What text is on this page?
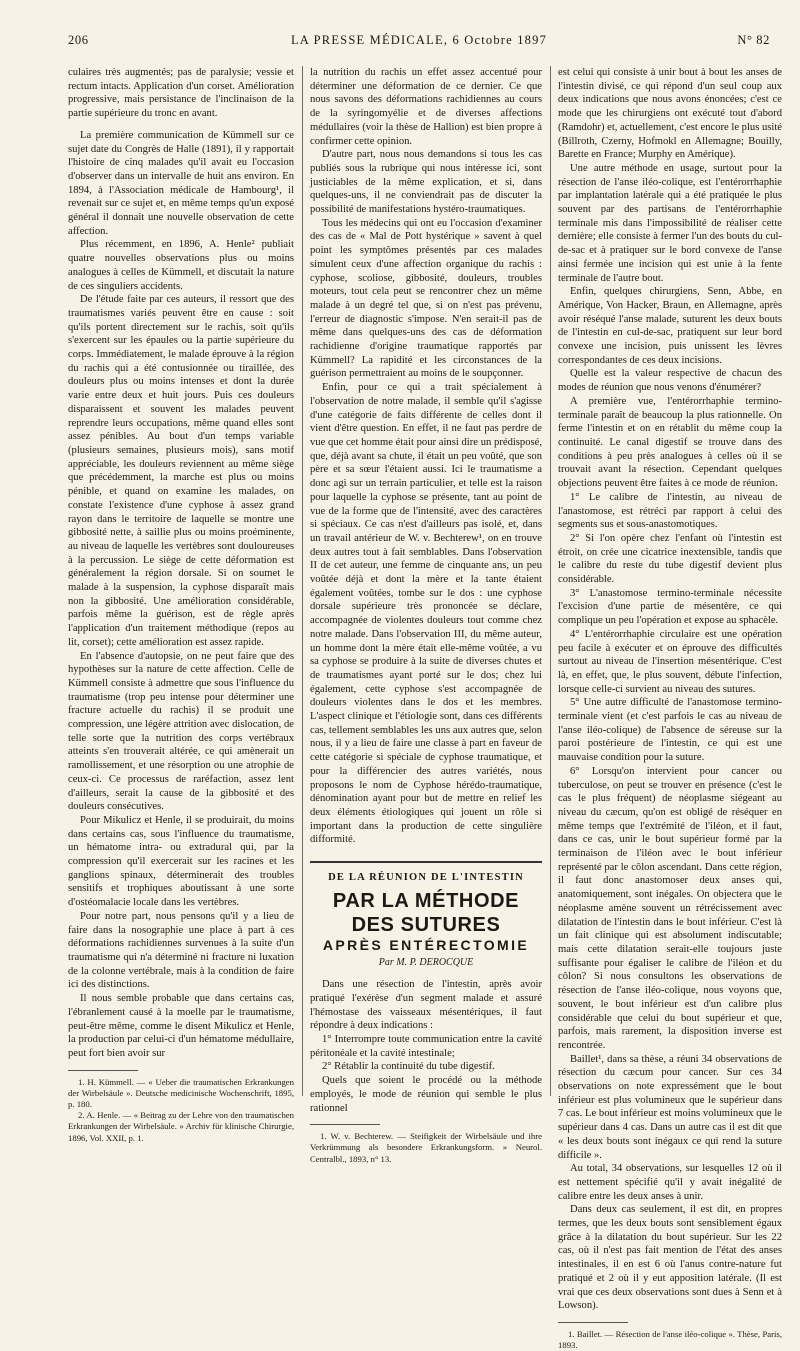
206	LA PRESSE MÉDICALE, 6 Octobre 1897	N° 82

culaires très augmentés; pas de paralysie; vessie et rectum intacts. Application d'un corset. Amélioration progressive, mais persistance de l'inclinaison de la partie supérieure du tronc en avant.

La première communication de Kümmell sur ce sujet date du Congrès de Halle (1891), il y rapportait l'histoire de cinq malades qu'il avait eu l'occasion d'observer dans un intervalle de huit ans environ. En 1894, à l'Association médicale de Hambourg¹, il revenait sur ce sujet et, en même temps qu'un exposé général il donnait une nouvelle observation de cette affection.

Plus récemment, en 1896, A. Henle² publiait quatre nouvelles observations plus ou moins analogues à celles de Kümmell, et discutait la nature de ces singuliers accidents.

De l'étude faite par ces auteurs, il ressort que des traumatismes variés peuvent être en cause : soit qu'ils portent directement sur le rachis, soit qu'ils s'exercent sur les épaules ou la partie supérieure du corps. Immédiatement, le malade éprouve à la région du rachis qui a été contusionnée ou tiraillée, des douleurs plus ou moins intenses et dont la durée varie entre deux et huit jours. Puis ces douleurs disparaissent et souvent les malades peuvent reprendre leurs occupations, même quand elles sont assez pénibles. Au bout d'un temps variable (plusieurs semaines, plusieurs mois), sans motif appréciable, les douleurs reviennent au même siège que précédemment, la marche est plus ou moins pénible, et quand on examine les malades, on constate l'existence d'une cyphose à assez grand rayon dans le territoire de laquelle se montre une gibbosité nette, à saillie plus ou moins proéminente, au niveau de laquelle les vertèbres sont douloureuses à la percussion. Le siège de cette déformation est généralement la région dorsale. Si on soumet le malade à la suspension, la cyphose disparaît mais non la gibbosité. Une amélioration considérable, parfois même la guérison, est de règle après l'application d'un traitement méthodique (repos au lit, corset); cette amélioration est assez rapide.

En l'absence d'autopsie, on ne peut faire que des hypothèses sur la nature de cette affection. Celle de Kümmell consiste à admettre que sous l'influence du traumatisme (trop peu intense pour déterminer une fracture actuelle du rachis) il se produit une compression, une légère attrition avec dislocation, de telle sorte que la nutrition des corps vertébraux atteints s'en trouverait altérée, ce qui amènerait un ramollissement, et une résorption ou une atrophie de ceux-ci. Ce processus de raréfaction, assez lent d'ailleurs, serait la cause de la gibbosité et des douleurs consécutives.

Pour Mikulicz et Henle, il se produirait, du moins dans certains cas, sous l'influence du traumatisme, un hématome intra- ou extradural qui, par la compression qu'il exercerait sur les racines et les ganglions spinaux, déterminerait des troubles sensitifs et trophiques aboutissant à une sorte d'ostéomalacie locale dans les vertèbres.

Pour notre part, nous pensons qu'il y a lieu de faire dans la nosographie une place à part à ces déformations rachidiennes survenues à la suite d'un traumatisme qui n'a déterminé ni fracture ni luxation de la colonne vertébrale, mais à la condition de faire ici des distinctions.

Il nous semble probable que dans certains cas, l'ébranlement causé à la moelle par le traumatisme, peut-être même, comme le disent Mikulicz et Henle, la production par celui-ci d'un hématome médullaire, peut fort bien avoir sur

1. H. Kümmell. — « Ueber die traumatischen Erkrankungen der Wirbelsäule ». Deutsche medicinische Wochenschrift, 1895, p. 180.

2. A. Henle. — « Beitrag zu der Lehre von den traumatischen Erkrankungen der Wirbelsäule. » Archiv für klinische Chirurgie, 1896, Vol. XXII, p. 1.

la nutrition du rachis un effet assez accentué pour déterminer une déformation de ce dernier. Ce que nous savons des déformations rachidiennes au cours de la syringomyélie et de diverses affections médullaires (voir la thèse de Hallion) est bien propre à confirmer cette opinion.

D'autre part, nous nous demandons si tous les cas publiés sous la rubrique qui nous intéresse ici, sont justiciables de la même explication, et si, dans quelques-uns, il ne conviendrait pas de discuter la possibilité de manifestations hystéro-traumatiques.

Tous les médecins qui ont eu l'occasion d'examiner des cas de « Mal de Pott hystérique » savent à quel point les symptômes présentés par ces malades simulent ceux d'une affection organique du rachis : cyphose, scoliose, gibbosité, douleurs, troubles moteurs, tout cela peut se rencontrer chez un même malade à un degré tel que, si on n'est pas prévenu, l'erreur de diagnostic s'impose. N'en serait-il pas de même dans quelques-uns des cas de déformation rachidienne d'origine traumatique rapportés par Kümmell? La rapidité et les circonstances de la guérison permettraient au moins de le soupçonner.

Enfin, pour ce qui a trait spécialement à l'observation de notre malade, il semble qu'il s'agisse d'une catégorie de faits différente de celles dont il vient d'être question. En effet, il ne faut pas perdre de vue que cet homme était pour ainsi dire un prédisposé, que, déjà avant sa chute, il était un peu voûté, que son père et sa sœur l'étaient aussi. Ici le traumatisme a donc agi sur un terrain particulier, et telle est la raison pour laquelle la cyphose se présente, tant au point de vue de la forme que de l'intensité, avec des caractères si spéciaux. Ce cas n'est d'ailleurs pas isolé, et, dans un travail antérieur de W. v. Bechterew¹, on en trouve deux autres tout à fait semblables. Dans l'observation II de cet auteur, une femme de cinquante ans, un peu voûtée déjà et dont la mère et la tante étaient également voûtées, tombe sur le dos : une cyphose dorsale supérieure très prononcée se déclare, accompagnée de violentes douleurs tout comme chez notre malade. Dans l'observation III, du même auteur, un homme dont la mère était elle-même voûtée, a vu sa cyphose se produire à la suite de diverses chutes et de traumatismes ayant porté sur le dos; chez lui également, cette cyphose s'est accompagnée de douleurs violentes dans le dos et les membres. L'aspect clinique et l'étiologie sont, dans ces différents cas, tellement semblables les uns aux autres que, selon nous, il y a lieu de faire une classe à part en faveur de cette catégorie si spéciale de cyphose traumatique, et pour la différencier des autres variétés, nous proposons le nom de Cyphose hérédo-traumatique, dénomination ayant pour but de mettre en relief les deux éléments étiologiques qui jouent un rôle si important dans la production de cette singulière difformité.

DE LA RÉUNION DE L'INTESTIN
PAR LA MÉTHODE DES SUTURES
APRÈS ENTÉRECTOMIE
Par M. P. DEROCQUE

Dans une résection de l'intestin, après avoir pratiqué l'exérèse d'un segment malade et assuré l'hémostase des vaisseaux mésentériques, il faut répondre à deux indications :

1° Interrompre toute communication entre la cavité péritonéale et la cavité intestinale;

2° Rétablir la continuité du tube digestif.

Quels que soient le procédé ou la méthode employés, le mode de réunion qui semble le plus rationnel

1. W. v. Bechterew. — Steifigkeit der Wirbelsäule und ihre Verkrümmung als besondere Erkrankungsform. » Neurol. Centralbl., 1893, n° 13.

est celui qui consiste à unir bout à bout les anses de l'intestin divisé, ce qui répond d'un seul coup aux deux indications que nous avons énoncées; c'est ce mode que les chirurgiens ont exécuté tout d'abord (Ramdohr) et, actuellement, c'est encore le plus usité (Billroth, Czerny, Hofmokl en Allemagne; Bouilly, Barette en France; Murphy en Amérique).

Une autre méthode en usage, surtout pour la résection de l'anse iléo-colique, est l'entérorrhaphie par implantation latérale qui a été pratiquée le plus souvent par des partisans de l'entérorrhaphie terminale mis dans l'impossibilité de réaliser cette dernière; elle consiste à fermer l'un des bouts du cul-de-sac et à pratiquer sur le bord convexe de l'anse ainsi fermée une incision qui est unie à la fente terminale de l'autre bout.

Enfin, quelques chirurgiens, Senn, Abbe, en Amérique, Von Hacker, Braun, en Allemagne, après avoir réséqué l'anse malade, suturent les deux bouts de l'intestin en cul-de-sac, pratiquent sur leur bord convexe une incision, puis unissent les lèvres correspondantes de ces deux incisions.

Quelle est la valeur respective de chacun des modes de réunion que nous venons d'énumérer?

A première vue, l'entérorrhaphie termino-terminale paraît de beaucoup la plus rationnelle. On ferme l'intestin et on en rétablit du même coup la continuité. Le canal digestif se trouve dans des conditions à peu près analogues à celles où il se trouvait avant la résection. Cependant quelques objections peuvent être faites à ce mode de réunion.

1° Le calibre de l'intestin, au niveau de l'anastomose, est rétréci par rapport à celui des segments sus et sous-anastomotiques.

2° Si l'on opère chez l'enfant où l'intestin est étroit, on crée une cicatrice inextensible, tandis que le calibre du reste du tube digestif devient plus considérable.

3° L'anastomose termino-terminale nécessite l'excision d'une partie de mésentère, ce qui complique un peu l'opération et expose au sphacèle.

4° L'entérorrhaphie circulaire est une opération peu facile à exécuter et on éprouve des difficultés surtout au niveau de l'insertion mésentérique. C'est là, en effet, que, le plus souvent, débute l'infection, lorsque celle-ci survient au niveau des sutures.

5° Une autre difficulté de l'anastomose termino-terminale vient (et c'est parfois le cas au niveau de l'anse iléo-colique) de l'absence de séreuse sur la paroi postérieure de l'intestin, ce qui est une mauvaise condition pour la suture.

6° Lorsqu'on intervient pour cancer ou tuberculose, on peut se trouver en présence (c'est le cas le plus fréquent) de néoplasme siégeant au niveau du cæcum, qu'on est obligé de réséquer en même temps que l'extrémité de l'iléon, et il faut, dans ce cas, unir le bout supérieur formé par la terminaison de l'iléon avec le bout inférieur représenté par le côlon ascendant. Dans cette région, il faut donc anastomoser deux anses qui, anatomiquement, sont inégales. On objectera que le néoplasme amène souvent un rétrécissement avec dilatation de l'intestin dans le bout inférieur. C'est là un fait clinique qui est absolument indiscutable; mais cette dilatation serait-elle toujours juste suffisante pour égaliser le calibre de l'iléon et du côlon? Si nous consultons les observations de résection de l'anse iléo-colique, nous voyons que, souvent, le bout inférieur est d'un calibre plus considérable que celui du bout supérieur et que, parfois, mais rarement, la disposition inverse est rencontrée.

Baillet¹, dans sa thèse, a réuni 34 observations de résection du cæcum pour cancer. Sur ces 34 observations on note expressément que le bout inférieur est plus volumineux que le supérieur dans 7 cas. Le bout inférieur est moins volumineux que le supérieur dans 4 cas. Dans un autre cas il est dit que « les deux bouts sont inégaux ce qui rend la suture difficile ».

Au total, 34 observations, sur lesquelles 12 où il est nettement spécifié qu'il y avait inégalité de calibre entre les deux anses à unir.

Dans deux cas seulement, il est dit, en propres termes, que les deux bouts sont sensiblement égaux grâce à la dilatation du bout supérieur. Sur les 22 cas, où il n'est pas fait mention de l'état des anses intestinales, il en est 6 où l'anus contre-nature fut pratiqué et 2 où il y eut apposition latérale. (Il est vrai que ces deux observations sont dues à Senn et à Lowson).

1. Baillet. — Résection de l'anse iléo-colique ». Thèse, Paris, 1893.
